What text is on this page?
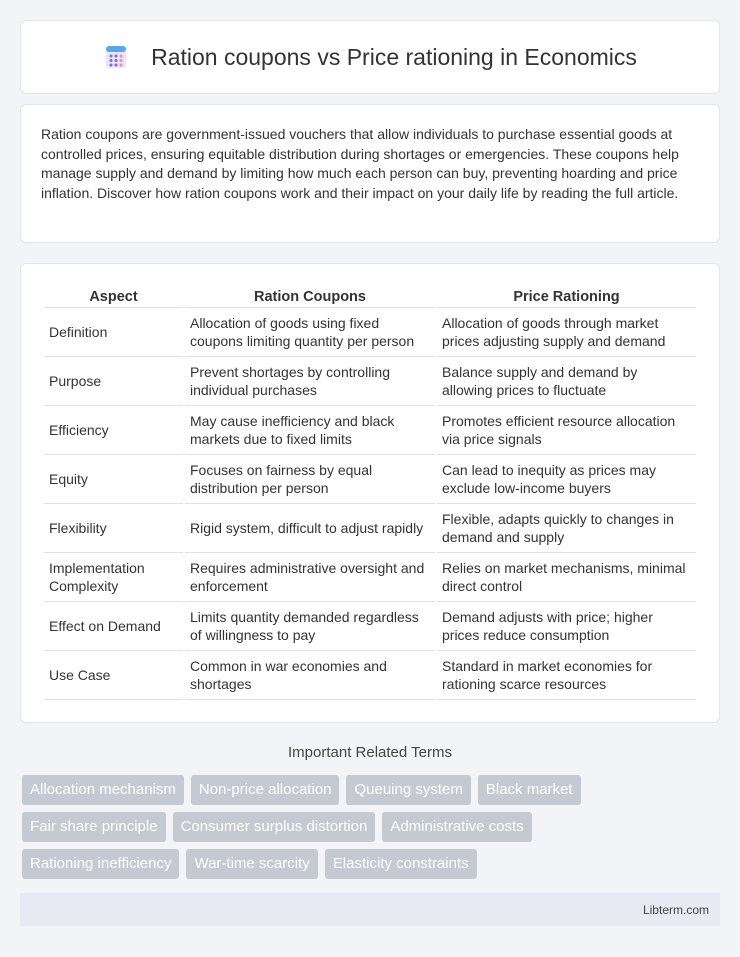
Ration coupons vs Price rationing in Economics

Ration coupons are government-issued vouchers that allow individuals to purchase essential goods at controlled prices, ensuring equitable distribution during shortages or emergencies. These coupons help manage supply and demand by limiting how much each person can buy, preventing hoarding and price inflation. Discover how ration coupons work and their impact on your daily life by reading the full article.

Aspect	Ration Coupons	Price Rationing
Definition	Allocation of goods using fixed coupons limiting quantity per person	Allocation of goods through market prices adjusting supply and demand
Purpose	Prevent shortages by controlling individual purchases	Balance supply and demand by allowing prices to fluctuate
Efficiency	May cause inefficiency and black markets due to fixed limits	Promotes efficient resource allocation via price signals
Equity	Focuses on fairness by equal distribution per person	Can lead to inequity as prices may exclude low-income buyers
Flexibility	Rigid system, difficult to adjust rapidly	Flexible, adapts quickly to changes in demand and supply
Implementation Complexity	Requires administrative oversight and enforcement	Relies on market mechanisms, minimal direct control
Effect on Demand	Limits quantity demanded regardless of willingness to pay	Demand adjusts with price; higher prices reduce consumption
Use Case	Common in war economies and shortages	Standard in market economies for rationing scarce resources
Important Related Terms
Allocation mechanism	Non-price allocation	Queuing system	Black market
Fair share principle	Consumer surplus distortion	Administrative costs
Rationing inefficiency	War-time scarcity	Elasticity constraints
Libterm.com
